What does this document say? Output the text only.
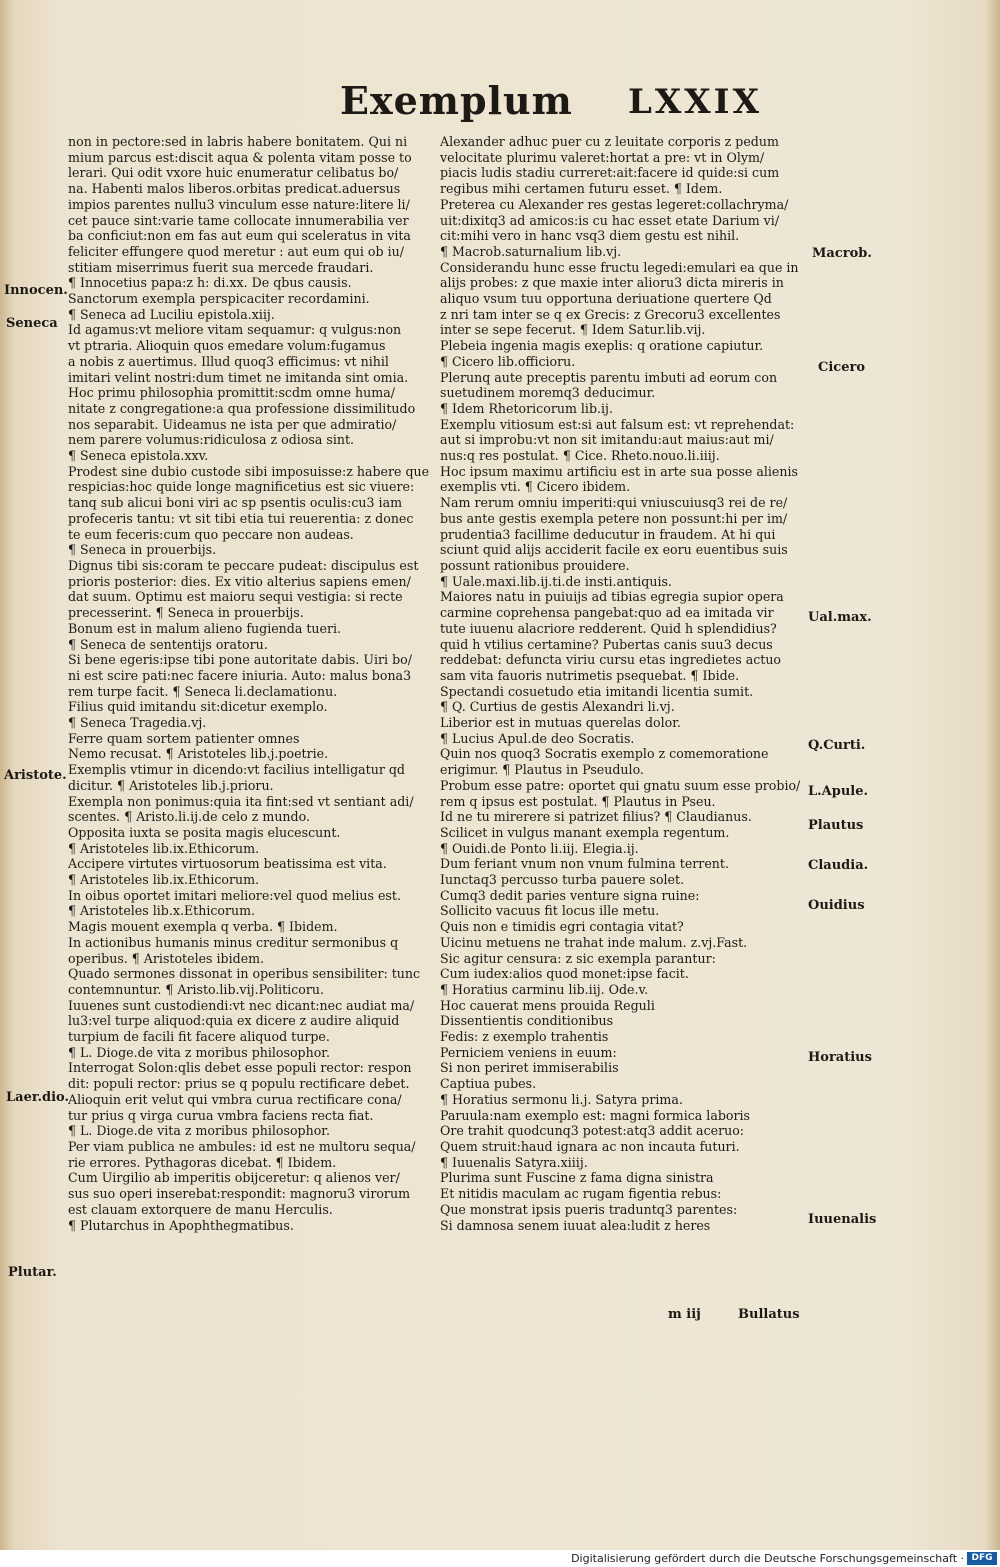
Exemplum LXXIX
non in pectore:sed in labris habere bonitatem. Qui ni
mium parcus est:discit aqua & polenta vitam posse to
lerari. Qui odit vxore huic enumeratur celibatus bo/
na. Habenti malos liberos.orbitas predicat.aduersus
impios parentes nullu3 vinculum esse nature:litere li/
cet pauce sint:varie tame collocate innumerabilia ver
ba conficiut:non em fas aut eum qui sceleratus in vita
feliciter effungere quod meretur : aut eum qui ob iu/
stitiam miserrimus fuerit sua mercede fraudari.
¶ Innocetius papa:z h: di.xx. De qbus causis.
Sanctorum exempla perspicaciter recordamini.
¶ Seneca ad Luciliu epistola.xiij.
Id agamus:vt meliore vitam sequamur: q vulgus:non
vt ptraria. Alioquin quos emedare volum:fugamus
a nobis z auertimus. Illud quoq3 efficimus: vt nihil
imitari velint nostri:dum timet ne imitanda sint omia.
Hoc primu philosophia promittit:scdm omne huma/
nitate z congregatione:a qua professione dissimilitudo
nos separabit. Uideamus ne ista per que admiratio/
nem parere volumus:ridiculosa z odiosa sint.
¶ Seneca epistola.xxv.
Prodest sine dubio custode sibi imposuisse:z habere que
respicias:hoc quide longe magnificetius est sic viuere:
tanq sub alicui boni viri ac sp psentis oculis:cu3 iam
profeceris tantu: vt sit tibi etia tui reuerentia: z donec
te eum feceris:cum quo peccare non audeas.
¶ Seneca in prouerbijs.
Dignus tibi sis:coram te peccare pudeat: discipulus est
prioris posterior: dies. Ex vitio alterius sapiens emen/
dat suum. Optimu est maioru sequi vestigia: si recte
precesserint. ¶ Seneca in prouerbijs.
Bonum est in malum alieno fugienda tueri.
¶ Seneca de sententijs oratoru.
Si bene egeris:ipse tibi pone autoritate dabis. Uiri bo/
ni est scire pati:nec facere iniuria. Auto: malus bona3
rem turpe facit. ¶ Seneca li.declamationu.
Filius quid imitandu sit:dicetur exemplo.
¶ Seneca Tragedia.vj.
Ferre quam sortem patienter omnes
Nemo recusat. ¶ Aristoteles lib.j.poetrie.
Exemplis vtimur in dicendo:vt facilius intelligatur qd
dicitur. ¶ Aristoteles lib.j.prioru.
Exempla non ponimus:quia ita fint:sed vt sentiant adi/
scentes. ¶ Aristo.li.ij.de celo z mundo.
Opposita iuxta se posita magis elucescunt.
¶ Aristoteles lib.ix.Ethicorum.
Accipere virtutes virtuosorum beatissima est vita.
¶ Aristoteles lib.ix.Ethicorum.
In oibus oportet imitari meliore:vel quod melius est.
¶ Aristoteles lib.x.Ethicorum.
Magis mouent exempla q verba. ¶ Ibidem.
In actionibus humanis minus creditur sermonibus q
operibus. ¶ Aristoteles ibidem.
Quado sermones dissonat in operibus sensibiliter: tunc
contemnuntur. ¶ Aristo.lib.vij.Politicoru.
Iuuenes sunt custodiendi:vt nec dicant:nec audiat ma/
lu3:vel turpe aliquod:quia ex dicere z audire aliquid
turpium de facili fit facere aliquod turpe.
¶ L. Dioge.de vita z moribus philosophor.
Interrogat Solon:qlis debet esse populi rector: respon
dit: populi rector: prius se q populu rectificare debet.
Alioquin erit velut qui vmbra curua rectificare cona/
tur prius q virga curua vmbra faciens recta fiat.
¶ L. Dioge.de vita z moribus philosophor.
Per viam publica ne ambules: id est ne multoru sequa/
rie errores. Pythagoras dicebat. ¶ Ibidem.
Cum Uirgilio ab imperitis obijceretur: q alienos ver/
sus suo operi inserebat:respondit: magnoru3 virorum
est clauam extorquere de manu Herculis.
¶ Plutarchus in Apophthegmatibus.
Alexander adhuc puer cu z leuitate corporis z pedum
velocitate plurimu valeret:hortat a pre: vt in Olym/
piacis ludis stadiu curreret:ait:facere id quide:si cum
regibus mihi certamen futuru esset. ¶ Idem.
Preterea cu Alexander res gestas legeret:collachryma/
uit:dixitq3 ad amicos:is cu hac esset etate Darium vi/
cit:mihi vero in hanc vsq3 diem gestu est nihil.
¶ Macrob.saturnalium lib.vj.
Considerandu hunc esse fructu legedi:emulari ea que in
alijs probes: z que maxie inter alioru3 dicta mireris in
aliquo vsum tuu opportuna deriuatione quertere Qd
z nri tam inter se q ex Grecis: z Grecoru3 excellentes
inter se sepe fecerut. ¶ Idem Satur.lib.vij.
Plebeia ingenia magis exeplis: q oratione capiutur.
¶ Cicero lib.officioru.
Plerunq aute preceptis parentu imbuti ad eorum con
suetudinem moremq3 deducimur.
¶ Idem Rhetoricorum lib.ij.
Exemplu vitiosum est:si aut falsum est: vt reprehendat:
aut si improbu:vt non sit imitandu:aut maius:aut mi/
nus:q res postulat. ¶ Cice. Rheto.nouo.li.iiij.
Hoc ipsum maximu artificiu est in arte sua posse alienis
exemplis vti. ¶ Cicero ibidem.
Nam rerum omniu imperiti:qui vniuscuiusq3 rei de re/
bus ante gestis exempla petere non possunt:hi per im/
prudentia3 facillime deducutur in fraudem. At hi qui
sciunt quid alijs acciderit facile ex eoru euentibus suis
possunt rationibus prouidere.
¶ Uale.maxi.lib.ij.ti.de insti.antiquis.
Maiores natu in puiuijs ad tibias egregia supior opera
carmine coprehensa pangebat:quo ad ea imitada vir
tute iuuenu alacriore redderent. Quid h splendidius?
quid h vtilius certamine? Pubertas canis suu3 decus
reddebat: defuncta viriu cursu etas ingredietes actuo
sam vita fauoris nutrimetis psequebat. ¶ Ibide.
Spectandi cosuetudo etia imitandi licentia sumit.
¶ Q. Curtius de gestis Alexandri li.vj.
Liberior est in mutuas querelas dolor.
¶ Lucius Apul.de deo Socratis.
Quin nos quoq3 Socratis exemplo z comemoratione
erigimur. ¶ Plautus in Pseudulo.
Probum esse patre: oportet qui gnatu suum esse probio/
rem q ipsus est postulat. ¶ Plautus in Pseu.
Id ne tu mirerere si patrizet filius? ¶ Claudianus.
Scilicet in vulgus manant exempla regentum.
¶ Ouidi.de Ponto li.iij. Elegia.ij.
Dum feriant vnum non vnum fulmina terrent.
Iunctaq3 percusso turba pauere solet.
Cumq3 dedit paries venture signa ruine:
Sollicito vacuus fit locus ille metu.
Quis non e timidis egri contagia vitat?
Uicinu metuens ne trahat inde malum. z.vj.Fast.
Sic agitur censura: z sic exempla parantur:
Cum iudex:alios quod monet:ipse facit.
¶ Horatius carminu lib.iij. Ode.v.
Hoc cauerat mens prouida Reguli
Dissentientis conditionibus
Fedis: z exemplo trahentis
Perniciem veniens in euum:
Si non periret immiserabilis
Captiua pubes.
¶ Horatius sermonu li.j. Satyra prima.
Paruula:nam exemplo est: magni formica laboris
Ore trahit quodcunq3 potest:atq3 addit aceruo:
Quem struit:haud ignara ac non incauta futuri.
¶ Iuuenalis Satyra.xiiij.
Plurima sunt Fuscine z fama digna sinistra
Et nitidis maculam ac rugam figentia rebus:
Que monstrat ipsis pueris traduntq3 parentes:
Si damnosa senem iuuat alea:ludit z heres
Innocen.
Seneca
Aristote.
Laer.dio.
Plutar.
Macrob.
Cicero
Ual.max.
Q.Curti.
L.Apule.
Plautus
Claudia.
Ouidius
Horatius
Iuuenalis
m iij	Bullatus
Digitalisierung gefördert durch die Deutsche Forschungsgemeinschaft · DFG
